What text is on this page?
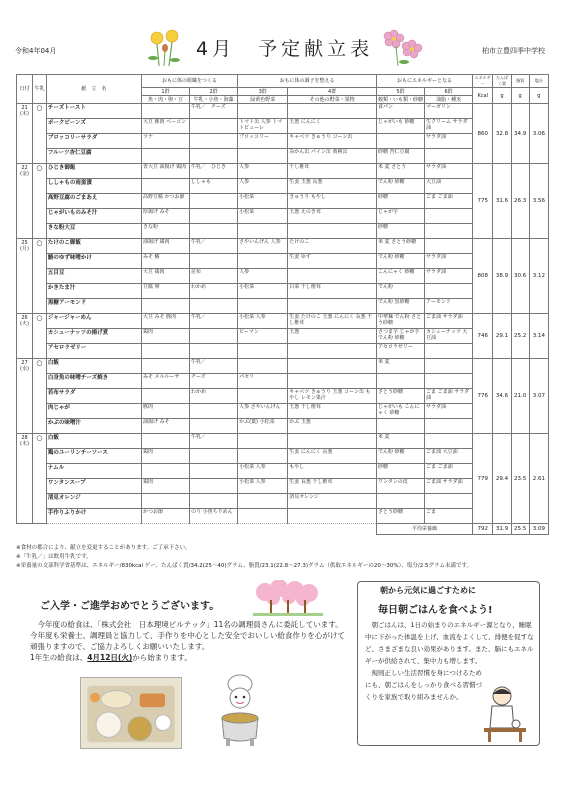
令和4年04月	4月　予定献立表	柏市立豊四季中学校
日付	牛乳	献　立　名	おもに体の組織をつくる		おもに体の調子を整える		おもにエネルギーとなる		エネルギー	たんぱく質	脂質	塩分
			1群	2群	3群	4群	5群	6群	Kcal	g	g	g
			魚・肉・卵・豆	牛乳・小魚・海藻	緑黄色野菜	その他の野菜・果物	穀類・いも類・砂糖	油脂・種実				

21
(木)	○	チーズトースト		牛乳／　チーズ			食パン	マーガリン	860	32.8	34.9	3.06
		ポークビーンズ	大豆 豚肉 ベーコン		トマト缶 人参 トマトピューレ	玉葱 にんにく	じゃがいも 砂糖	生クリーム サラダ油				
		ブロッコリーサラダ	ツナ		ブロッコリー	キャベツ きゅうり コーン缶		サラダ油				
		フルーツ杏仁豆腐				みかん缶 パイン缶 黄桃缶	砂糖 杏仁豆腐					

22
(金)	○	ひじき御飯	青大豆 油揚げ 鶏肉	牛乳／　ひじき	人参	干し椎茸	米 麦 さとう	サラダ油	775	31.6	26.3	3.56
		ししゃもの南蛮漬		ししゃも	人参	生姜 玉葱 長葱	でん粉 砂糖	大豆油				
		高野豆腐のごまあえ	高野豆腐 かつお節		小松菜	きゅうり もやし	砂糖	ごま ごま油				
		じゃがいものみそ汁	厚揚げ みそ		小松菜	玉葱 えのき茸	じゃが芋					
		きな粉大豆	きな粉				砂糖					

25
(月)	○	たけのこ御飯	油揚げ 鶏肉	牛乳／	さやいんげん 人参	たけのこ	米 麦 さとう砂糖		808	38.9	30.6	3.12
		鰆のゆず味噌かけ	みそ 鰆			生姜 ゆず	でん粉 砂糖	サラダ油				
		五目豆	大豆 鶏肉	昆布	人参		こんにゃく 砂糖	サラダ油				
		かきたま汁	豆腐 卵	わかめ	小松菜	白菜 干し椎茸	でん粉					
		黒糖アーモンド					でん粉 黒砂糖	アーモンド				

26
(火)	○	ジャージャーめん	大豆 みそ 豚肉	牛乳／	小松菜 人参	生姜 たけのこ 玉葱 にんにく 長葱 干し椎茸	中華麺 でん粉 さとう砂糖	ごま油 サラダ油	746	29.1	25.2	3.14
		カシューナッツの揚げ煮	鶏肉		ピーマン	玉葱	さつま芋 じゃが芋 でん粉 砂糖	カシューナッツ 大豆油				
		アセロラゼリー					アセロラゼリー					

27
(水)	○	白飯		牛乳／			米 麦		776	34.6	21.0	3.07
		白身魚の味噌チーズ焼き	みそ メルルーサ	チーズ	パセリ							
		若布サラダ		わかめ		キャベツ きゅうり 玉葱 コーン缶 もやし レモン果汁	さとう砂糖	ごま ごま油 サラダ油				
		肉じゃが	豚肉		人参 さやいんげん	玉葱 干し椎茸	じゃがいも こんにゃく 砂糖	サラダ油				
		かぶの味噌汁	油揚げ みそ		かぶ(葉) 小松菜	かぶ 玉葱						

28
(木)	○	白飯		牛乳／			米 麦		779	29.4	23.5	2.61
		鶏のユーリンチーソース	鶏肉			生姜 にんにく 長葱	でん粉 砂糖	ごま油 大豆油				
		ナムル			小松菜 人参	もやし	砂糖	ごま ごま油				
		ワンタンスープ	鶏肉		小松菜 人参	生姜 長葱 干し椎茸	ワンタンの皮	ごま油 サラダ油				
		清見オレンジ				清見オレンジ						
		手作りふりかけ	かつお節	のり 小魚ちりめん			さとう砂糖	ごま				
							平均栄養価		792	31.9	25.5	3.09
※食材の都合により、献立を変更することがあります。ご了承下さい。
※「牛乳／」は飲用牛乳です。
※栄養量の文部科学省基準は、エネルギー/830kcal ゲー、たんぱく質/34.2(25〜40)グラム、脂質/23.1(22.8〜27.3)グラム（供取エネルギーの20〜30%）、塩分/2.5グラム未満です。
ご入学・ご進学おめでとうございます。
今年度の給食は、「株式会社　日本理境ビルテック」11名の調理員さんに委託しています。今年度も栄養士、調理員と協力して、手作りを中心とした安全でおいしい給食作りを心がけて頑張りますので、ご協力よろしくお願いいたします。
1年生の給食は、4月12日(火)から始まります。
朝から元気に過ごすために
毎日朝ごはんを食べよう!
朝ごはんは、1日の始まりのエネルギー源となり、睡眠中に下がった体温を上げ、血流をよくして、排便を促すなど、さまざまな良い効果があります。また、脳にもエネルギーが供給されて、集中力も増します。
規則正しい生活習慣を身につけるためにも、朝ごはんをしっかり食べる習慣づくりを家族で取り組みませんか。
